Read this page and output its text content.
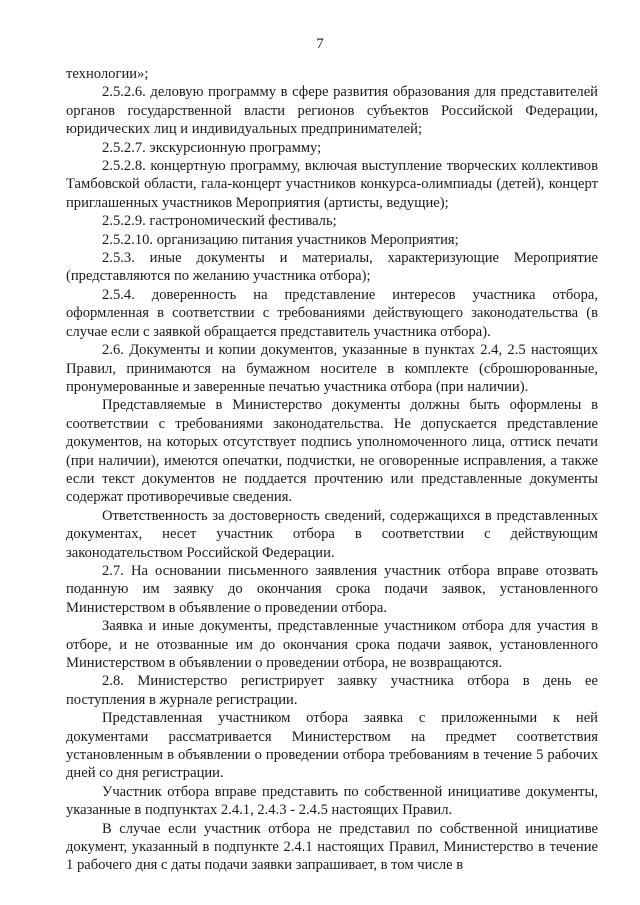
7

технологии»;

2.5.2.6. деловую программу в сфере развития образования для представителей органов государственной власти регионов субъектов Российской Федерации, юридических лиц и индивидуальных предпринимателей;

2.5.2.7. экскурсионную программу;

2.5.2.8. концертную программу, включая выступление творческих коллективов Тамбовской области, гала-концерт участников конкурса-олимпиады (детей), концерт приглашенных участников Мероприятия (артисты, ведущие);

2.5.2.9. гастрономический фестиваль;

2.5.2.10. организацию питания участников Мероприятия;

2.5.3. иные документы и материалы, характеризующие Мероприятие (представляются по желанию участника отбора);

2.5.4. доверенность на представление интересов участника отбора, оформленная в соответствии с требованиями действующего законодательства (в случае если с заявкой обращается представитель участника отбора).

2.6. Документы и копии документов, указанные в пунктах 2.4, 2.5 настоящих Правил, принимаются на бумажном носителе в комплекте (сброшюрованные, пронумерованные и заверенные печатью участника отбора (при наличии).

Представляемые в Министерство документы должны быть оформлены в соответствии с требованиями законодательства. Не допускается представление документов, на которых отсутствует подпись уполномоченного лица, оттиск печати (при наличии), имеются опечатки, подчистки, не оговоренные исправления, а также если текст документов не поддается прочтению или представленные документы содержат противоречивые сведения.

Ответственность за достоверность сведений, содержащихся в представленных документах, несет участник отбора в соответствии с действующим законодательством Российской Федерации.

2.7. На основании письменного заявления участник отбора вправе отозвать поданную им заявку до окончания срока подачи заявок, установленного Министерством в объявление о проведении отбора.

Заявка и иные документы, представленные участником отбора для участия в отборе, и не отозванные им до окончания срока подачи заявок, установленного Министерством в объявлении о проведении отбора, не возвращаются.

2.8. Министерство регистрирует заявку участника отбора в день ее поступления в журнале регистрации.

Представленная участником отбора заявка с приложенными к ней документами рассматривается Министерством на предмет соответствия установленным в объявлении о проведении отбора требованиям в течение 5 рабочих дней со дня регистрации.

Участник отбора вправе представить по собственной инициативе документы, указанные в подпунктах 2.4.1, 2.4.3 - 2.4.5 настоящих Правил.

В случае если участник отбора не представил по собственной инициативе документ, указанный в подпункте 2.4.1 настоящих Правил, Министерство в течение 1 рабочего дня с даты подачи заявки запрашивает, в том числе в
